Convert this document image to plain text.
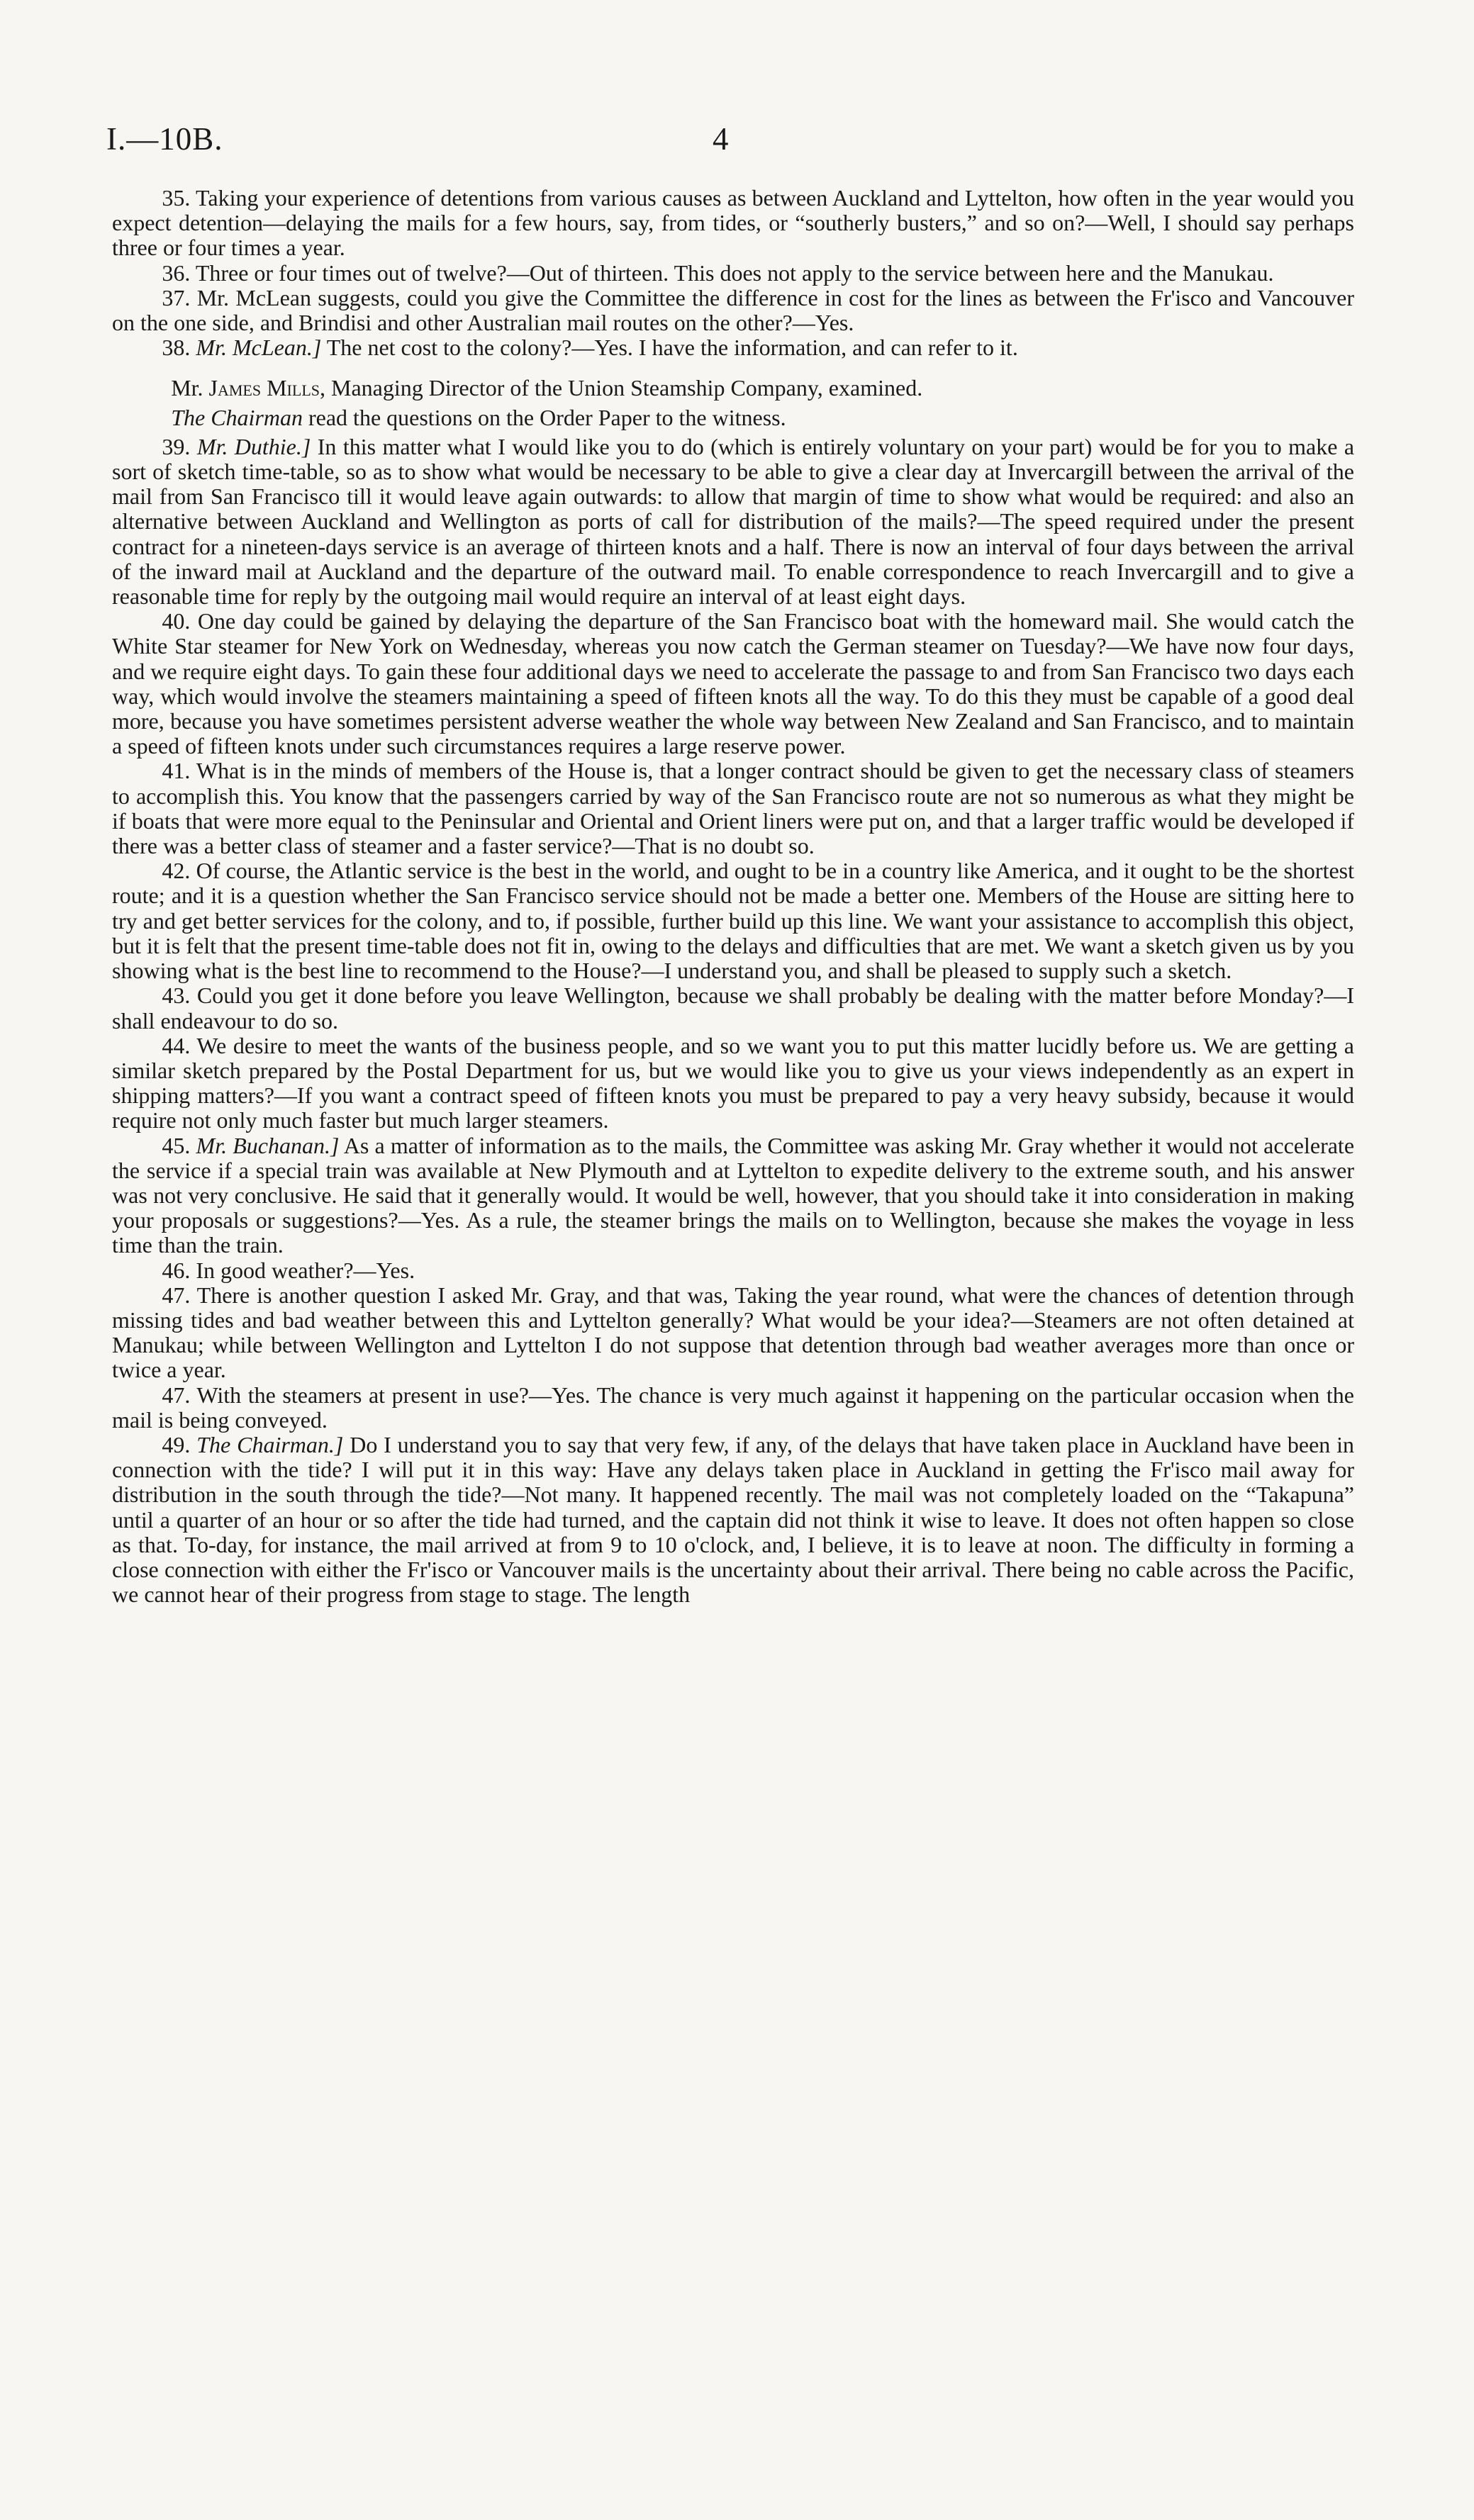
I.—10B.	4

35. Taking your experience of detentions from various causes as between Auckland and Lyttelton, how often in the year would you expect detention—delaying the mails for a few hours, say, from tides, or “southerly busters,” and so on?—Well, I should say perhaps three or four times a year.

36. Three or four times out of twelve?—Out of thirteen. This does not apply to the service between here and the Manukau.

37. Mr. McLean suggests, could you give the Committee the difference in cost for the lines as between the Fr'isco and Vancouver on the one side, and Brindisi and other Australian mail routes on the other?—Yes.

38. Mr. McLean.] The net cost to the colony?—Yes. I have the information, and can refer to it.

Mr. James Mills, Managing Director of the Union Steamship Company, examined.

The Chairman read the questions on the Order Paper to the witness.

39. Mr. Duthie.] In this matter what I would like you to do (which is entirely voluntary on your part) would be for you to make a sort of sketch time-table, so as to show what would be necessary to be able to give a clear day at Invercargill between the arrival of the mail from San Francisco till it would leave again outwards: to allow that margin of time to show what would be required: and also an alternative between Auckland and Wellington as ports of call for distribution of the mails?—The speed required under the present contract for a nineteen-days service is an average of thirteen knots and a half. There is now an interval of four days between the arrival of the inward mail at Auckland and the departure of the outward mail. To enable correspondence to reach Invercargill and to give a reasonable time for reply by the outgoing mail would require an interval of at least eight days.

40. One day could be gained by delaying the departure of the San Francisco boat with the homeward mail. She would catch the White Star steamer for New York on Wednesday, whereas you now catch the German steamer on Tuesday?—We have now four days, and we require eight days. To gain these four additional days we need to accelerate the passage to and from San Francisco two days each way, which would involve the steamers maintaining a speed of fifteen knots all the way. To do this they must be capable of a good deal more, because you have sometimes persistent adverse weather the whole way between New Zealand and San Francisco, and to maintain a speed of fifteen knots under such circumstances requires a large reserve power.

41. What is in the minds of members of the House is, that a longer contract should be given to get the necessary class of steamers to accomplish this. You know that the passengers carried by way of the San Francisco route are not so numerous as what they might be if boats that were more equal to the Peninsular and Oriental and Orient liners were put on, and that a larger traffic would be developed if there was a better class of steamer and a faster service?—That is no doubt so.

42. Of course, the Atlantic service is the best in the world, and ought to be in a country like America, and it ought to be the shortest route; and it is a question whether the San Francisco service should not be made a better one. Members of the House are sitting here to try and get better services for the colony, and to, if possible, further build up this line. We want your assistance to accomplish this object, but it is felt that the present time-table does not fit in, owing to the delays and difficulties that are met. We want a sketch given us by you showing what is the best line to recommend to the House?—I understand you, and shall be pleased to supply such a sketch.

43. Could you get it done before you leave Wellington, because we shall probably be dealing with the matter before Monday?—I shall endeavour to do so.

44. We desire to meet the wants of the business people, and so we want you to put this matter lucidly before us. We are getting a similar sketch prepared by the Postal Department for us, but we would like you to give us your views independently as an expert in shipping matters?—If you want a contract speed of fifteen knots you must be prepared to pay a very heavy subsidy, because it would require not only much faster but much larger steamers.

45. Mr. Buchanan.] As a matter of information as to the mails, the Committee was asking Mr. Gray whether it would not accelerate the service if a special train was available at New Plymouth and at Lyttelton to expedite delivery to the extreme south, and his answer was not very conclusive. He said that it generally would. It would be well, however, that you should take it into consideration in making your proposals or suggestions?—Yes. As a rule, the steamer brings the mails on to Wellington, because she makes the voyage in less time than the train.

46. In good weather?—Yes.

47. There is another question I asked Mr. Gray, and that was, Taking the year round, what were the chances of detention through missing tides and bad weather between this and Lyttelton generally? What would be your idea?—Steamers are not often detained at Manukau; while between Wellington and Lyttelton I do not suppose that detention through bad weather averages more than once or twice a year.

47. With the steamers at present in use?—Yes. The chance is very much against it happening on the particular occasion when the mail is being conveyed.

49. The Chairman.] Do I understand you to say that very few, if any, of the delays that have taken place in Auckland have been in connection with the tide? I will put it in this way: Have any delays taken place in Auckland in getting the Fr'isco mail away for distribution in the south through the tide?—Not many. It happened recently. The mail was not completely loaded on the “Takapuna” until a quarter of an hour or so after the tide had turned, and the captain did not think it wise to leave. It does not often happen so close as that. To-day, for instance, the mail arrived at from 9 to 10 o'clock, and, I believe, it is to leave at noon. The difficulty in forming a close connection with either the Fr'isco or Vancouver mails is the uncertainty about their arrival. There being no cable across the Pacific, we cannot hear of their progress from stage to stage. The length
